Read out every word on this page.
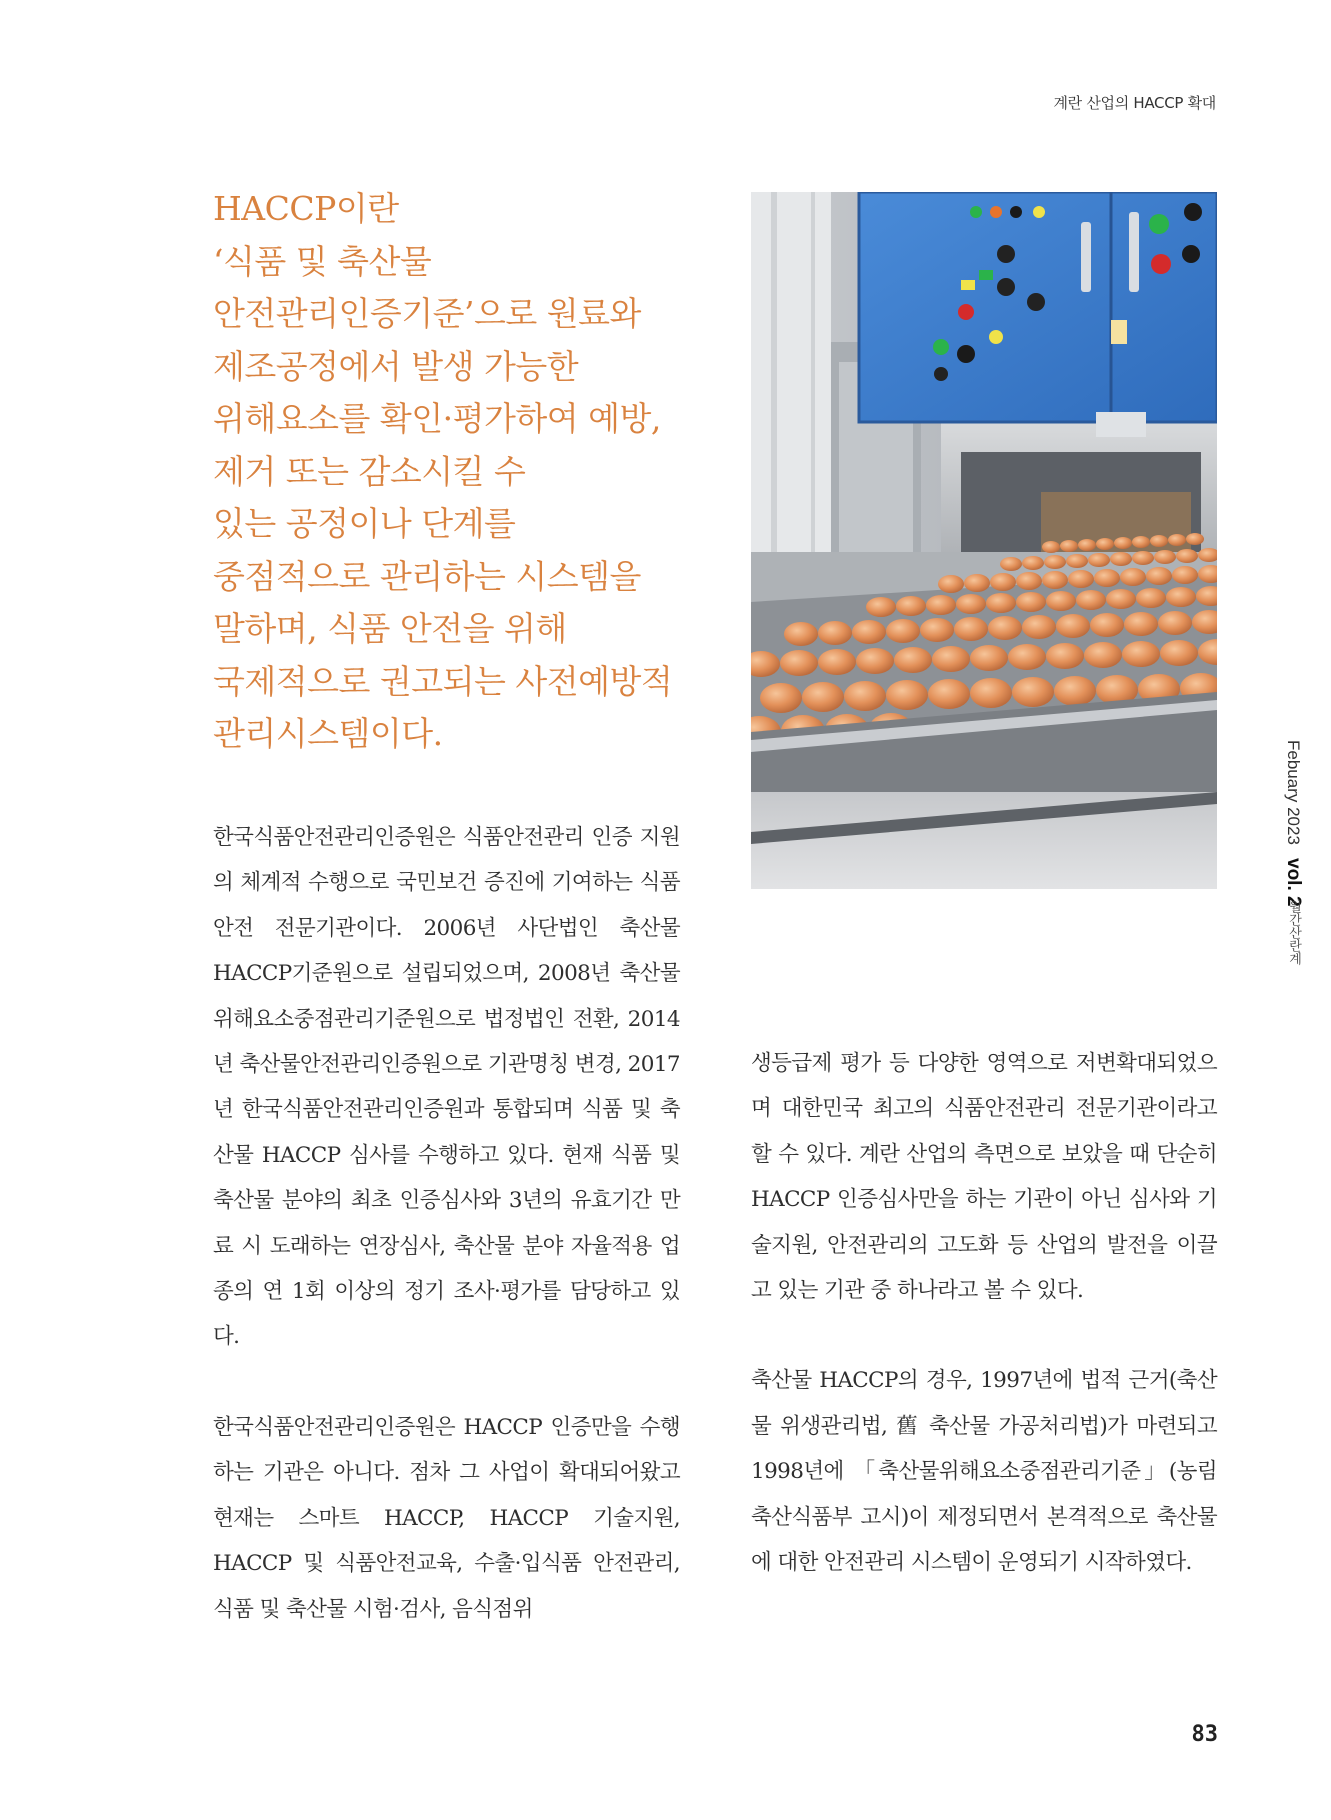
계란 산업의 HACCP 확대
HACCP이란
‘식품 및 축산물
안전관리인증기준’으로 원료와
제조공정에서 발생 가능한
위해요소를 확인·평가하여 예방,
제거 또는 감소시킬 수
있는 공정이나 단계를
중점적으로 관리하는 시스템을
말하며, 식품 안전을 위해
국제적으로 권고되는 사전예방적
관리시스템이다.

한국식품안전관리인증원은 식품안전관리 인증 지원의 체계적 수행으로 국민보건 증진에 기여하는 식품안전 전문기관이다. 2006년 사단법인 축산물HACCP기준원으로 설립되었으며, 2008년 축산물위해요소중점관리기준원으로 법정법인 전환, 2014년 축산물안전관리인증원으로 기관명칭 변경, 2017년 한국식품안전관리인증원과 통합되며 식품 및 축산물 HACCP 심사를 수행하고 있다. 현재 식품 및 축산물 분야의 최초 인증심사와 3년의 유효기간 만료 시 도래하는 연장심사, 축산물 분야 자율적용 업종의 연 1회 이상의 정기 조사·평가를 담당하고 있다.

한국식품안전관리인증원은 HACCP 인증만을 수행하는 기관은 아니다. 점차 그 사업이 확대되어왔고 현재는 스마트 HACCP, HACCP 기술지원, HACCP 및 식품안전교육, 수출·입식품 안전관리, 식품 및 축산물 시험·검사, 음식점위

생등급제 평가 등 다양한 영역으로 저변확대되었으며 대한민국 최고의 식품안전관리 전문기관이라고 할 수 있다. 계란 산업의 측면으로 보았을 때 단순히 HACCP 인증심사만을 하는 기관이 아닌 심사와 기술지원, 안전관리의 고도화 등 산업의 발전을 이끌고 있는 기관 중 하나라고 볼 수 있다.

축산물 HACCP의 경우, 1997년에 법적 근거(축산물 위생관리법, 舊 축산물 가공처리법)가 마련되고 1998년에 「축산물위해요소중점관리기준」(농림축산식품부 고시)이 제정되면서 본격적으로 축산물에 대한 안전관리 시스템이 운영되기 시작하였다.

Febuary 2023 vol. 2
월간산란계
83
